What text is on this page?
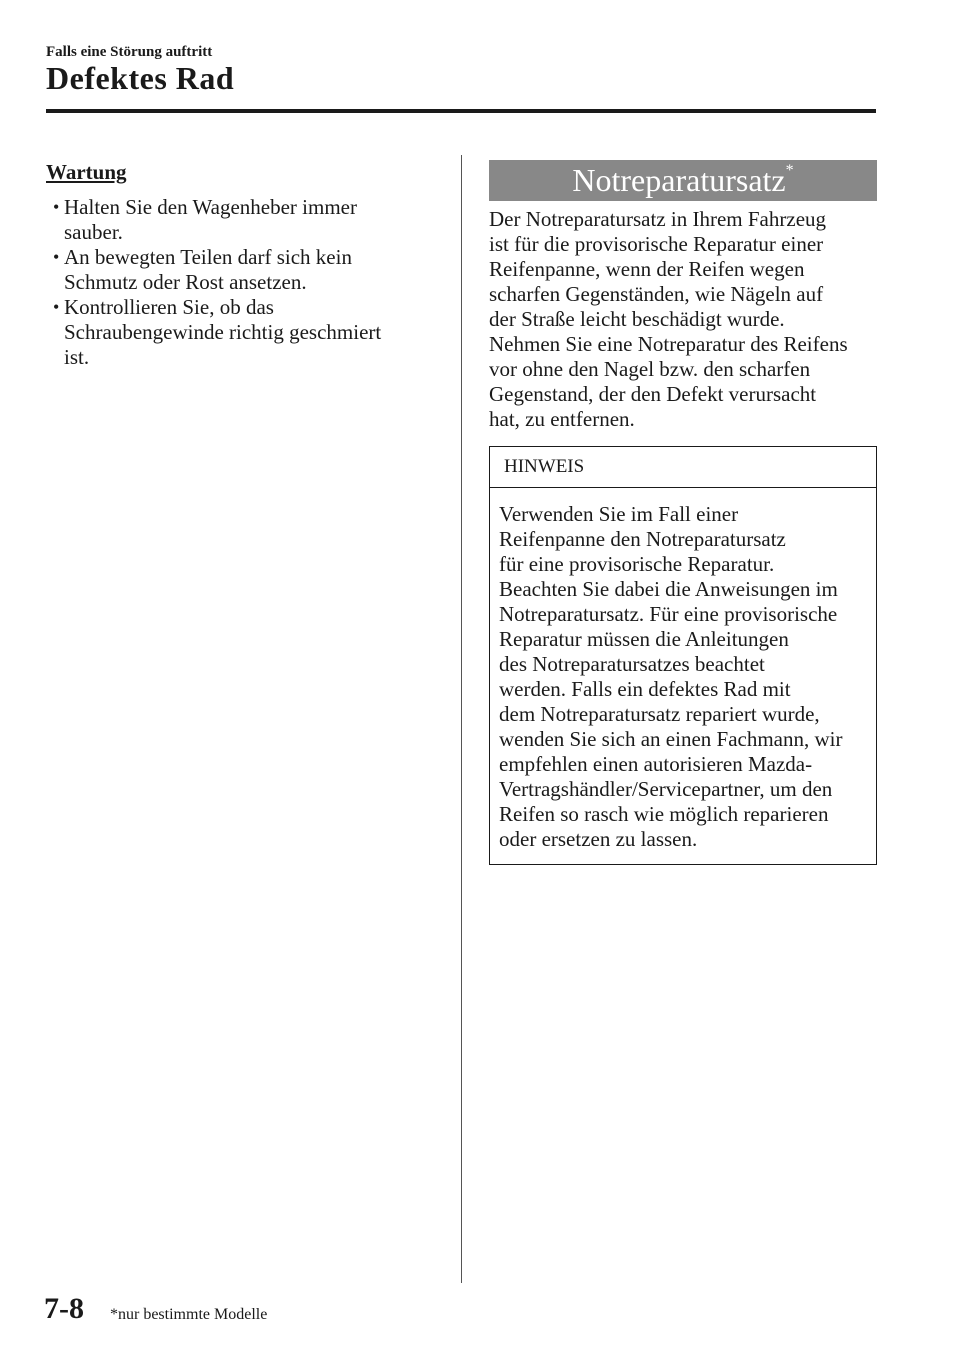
Falls eine Störung auftritt
Defektes Rad
Wartung
• Halten Sie den Wagenheber immer
sauber.
• An bewegten Teilen darf sich kein
Schmutz oder Rost ansetzen.
• Kontrollieren Sie, ob das
Schraubengewinde richtig geschmiert
ist.
Notreparatursatz*

Der Notreparatursatz in Ihrem Fahrzeug
ist für die provisorische Reparatur einer
Reifenpanne, wenn der Reifen wegen
scharfen Gegenständen, wie Nägeln auf
der Straße leicht beschädigt wurde.
Nehmen Sie eine Notreparatur des Reifens
vor ohne den Nagel bzw. den scharfen
Gegenstand, der den Defekt verursacht
hat, zu entfernen.

HINWEIS
Verwenden Sie im Fall einer
Reifenpanne den Notreparatursatz
für eine provisorische Reparatur.
Beachten Sie dabei die Anweisungen im
Notreparatursatz. Für eine provisorische
Reparatur müssen die Anleitungen
des Notreparatursatzes beachtet
werden. Falls ein defektes Rad mit
dem Notreparatursatz repariert wurde,
wenden Sie sich an einen Fachmann, wir
empfehlen einen autorisieren Mazda-
Vertragshändler/Servicepartner, um den
Reifen so rasch wie möglich reparieren
oder ersetzen zu lassen.
7-8 *nur bestimmte Modelle
